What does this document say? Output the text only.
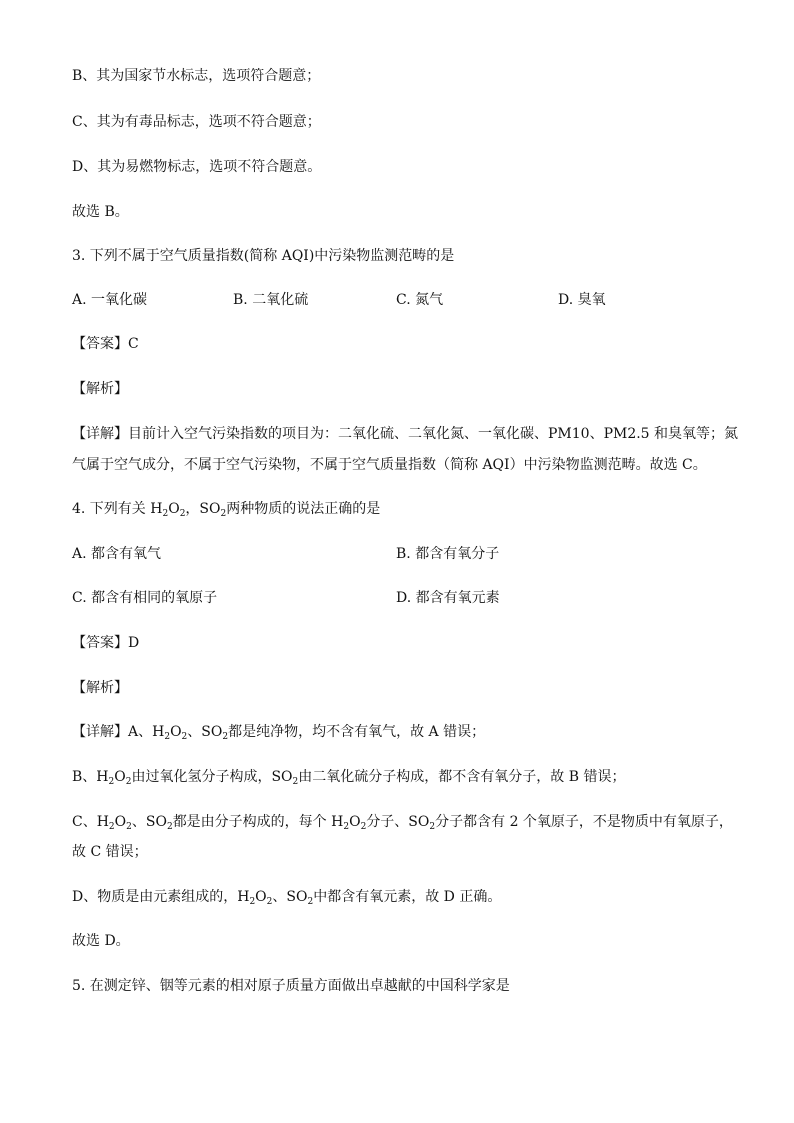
B、其为国家节水标志，选项符合题意；
C、其为有毒品标志，选项不符合题意；
D、其为易燃物标志，选项不符合题意。
故选 B。
3. 下列不属于空气质量指数(简称 AQI)中污染物监测范畴的是
A. 一氧化碳	B. 二氧化硫	C. 氮气	D. 臭氧
【答案】C
【解析】
【详解】目前计入空气污染指数的项目为：二氧化硫、二氧化氮、一氧化碳、PM10、PM2.5 和臭氧等；氮
气属于空气成分，不属于空气污染物，不属于空气质量指数（简称 AQI）中污染物监测范畴。故选 C。
4. 下列有关 $H_2O_2$，$SO_2$两种物质的说法正确的是
A. 都含有氧气	B. 都含有氧分子
C. 都含有相同的氧原子	D. 都含有氧元素
【答案】D
【解析】
【详解】A、$H_2O_2$、$SO_2$都是纯净物，均不含有氧气，故 A 错误；
B、$H_2O_2$由过氧化氢分子构成，$SO_2$由二氧化硫分子构成，都不含有氧分子，故 B 错误；
C、$H_2O_2$、$SO_2$都是由分子构成的，每个 $H_2O_2$分子、$SO_2$分子都含有 2 个氧原子，不是物质中有氧原子，
故 C 错误；
D、物质是由元素组成的，$H_2O_2$、$SO_2$中都含有氧元素，故 D 正确。
故选 D。
5. 在测定锌、铟等元素的相对原子质量方面做出卓越献的中国科学家是
